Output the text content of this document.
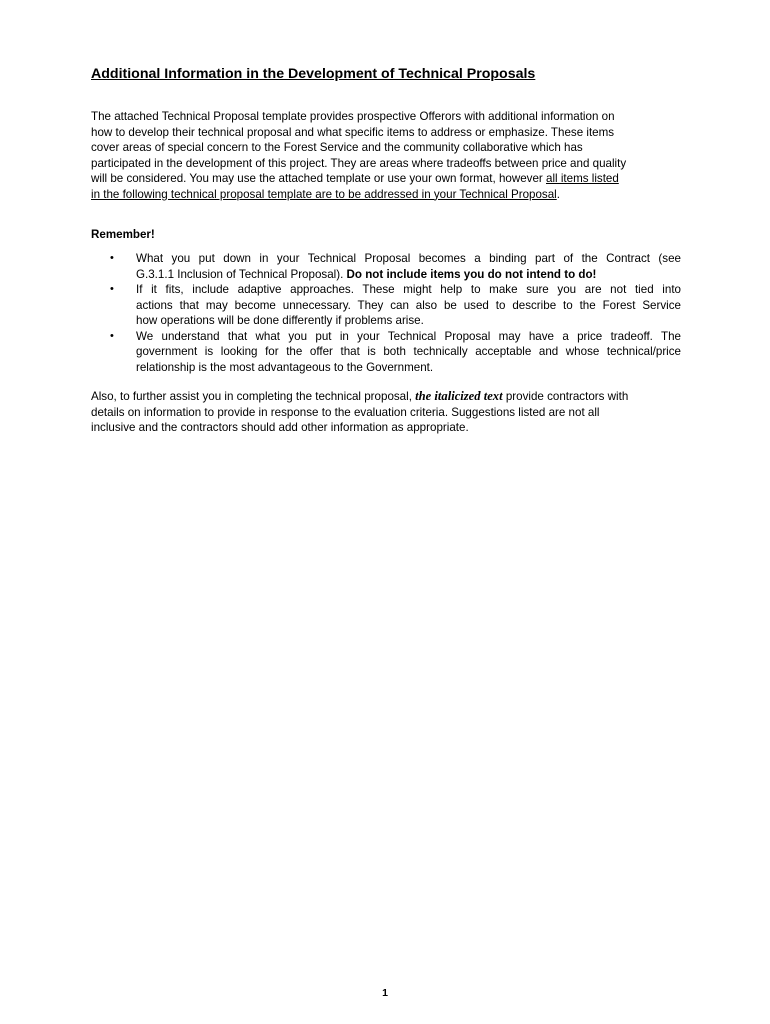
Additional Information in the Development of Technical Proposals

The attached Technical Proposal template provides prospective Offerors with additional information on
how to develop their technical proposal and what specific items to address or emphasize. These items
cover areas of special concern to the Forest Service and the community collaborative which has
participated in the development of this project. They are areas where tradeoffs between price and quality
will be considered. You may use the attached template or use your own format, however all items listed
in the following technical proposal template are to be addressed in your Technical Proposal.

Remember!

• What you put down in your Technical Proposal becomes a binding part of the Contract (see
G.3.1.1 Inclusion of Technical Proposal). Do not include items you do not intend to do!
• If it fits, include adaptive approaches. These might help to make sure you are not tied into
actions that may become unnecessary. They can also be used to describe to the Forest Service
how operations will be done differently if problems arise.
• We understand that what you put in your Technical Proposal may have a price tradeoff. The
government is looking for the offer that is both technically acceptable and whose technical/price
relationship is the most advantageous to the Government.

Also, to further assist you in completing the technical proposal, the italicized text provide contractors with
details on information to provide in response to the evaluation criteria. Suggestions listed are not all
inclusive and the contractors should add other information as appropriate.

1
